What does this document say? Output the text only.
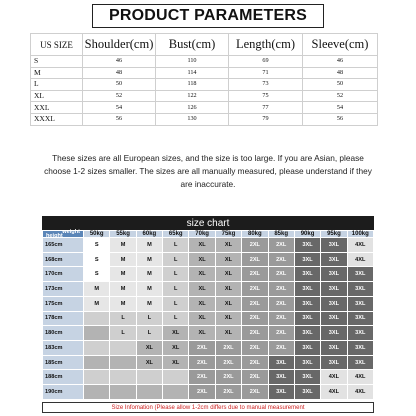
PRODUCT PARAMETERS
US SIZE	Shoulder(cm)	Bust(cm)	Length(cm)	Sleeve(cm)
S	46	110	69	46
M	48	114	71	48
L	50	118	73	50
XL	52	122	75	52
XXL	54	126	77	54
XXXL	56	130	79	56
These sizes are all European sizes, and the size is too large. If you are Asian, please choose 1-2 sizes smaller. The sizes are all manually measured, please understand if they are inaccurate.
size chart
height
weight	50kg	55kg	60kg	65kg	70kg	75kg	80kg	85kg	90kg	95kg	100kg
165cm	S	M	M	L	XL	XL	2XL	2XL	3XL	3XL	4XL
168cm	S	M	M	L	XL	XL	2XL	2XL	3XL	3XL	4XL
170cm	S	M	M	L	XL	XL	2XL	2XL	3XL	3XL	3XL
173cm	M	M	M	L	XL	XL	2XL	2XL	3XL	3XL	3XL
175cm	M	M	M	L	XL	XL	2XL	2XL	3XL	3XL	3XL
178cm		L	L	L	XL	XL	2XL	2XL	3XL	3XL	3XL
180cm		L	L	XL	XL	XL	2XL	2XL	3XL	3XL	3XL
183cm			XL	XL	2XL	2XL	2XL	2XL	3XL	3XL	3XL
185cm			XL	XL	2XL	2XL	2XL	3XL	3XL	3XL	3XL
188cm					2XL	2XL	2XL	3XL	3XL	4XL	4XL
190cm					2XL	2XL	2XL	3XL	3XL	4XL	4XL
Size Infomation (Please allow 1-2cm differs due to manual measurement
